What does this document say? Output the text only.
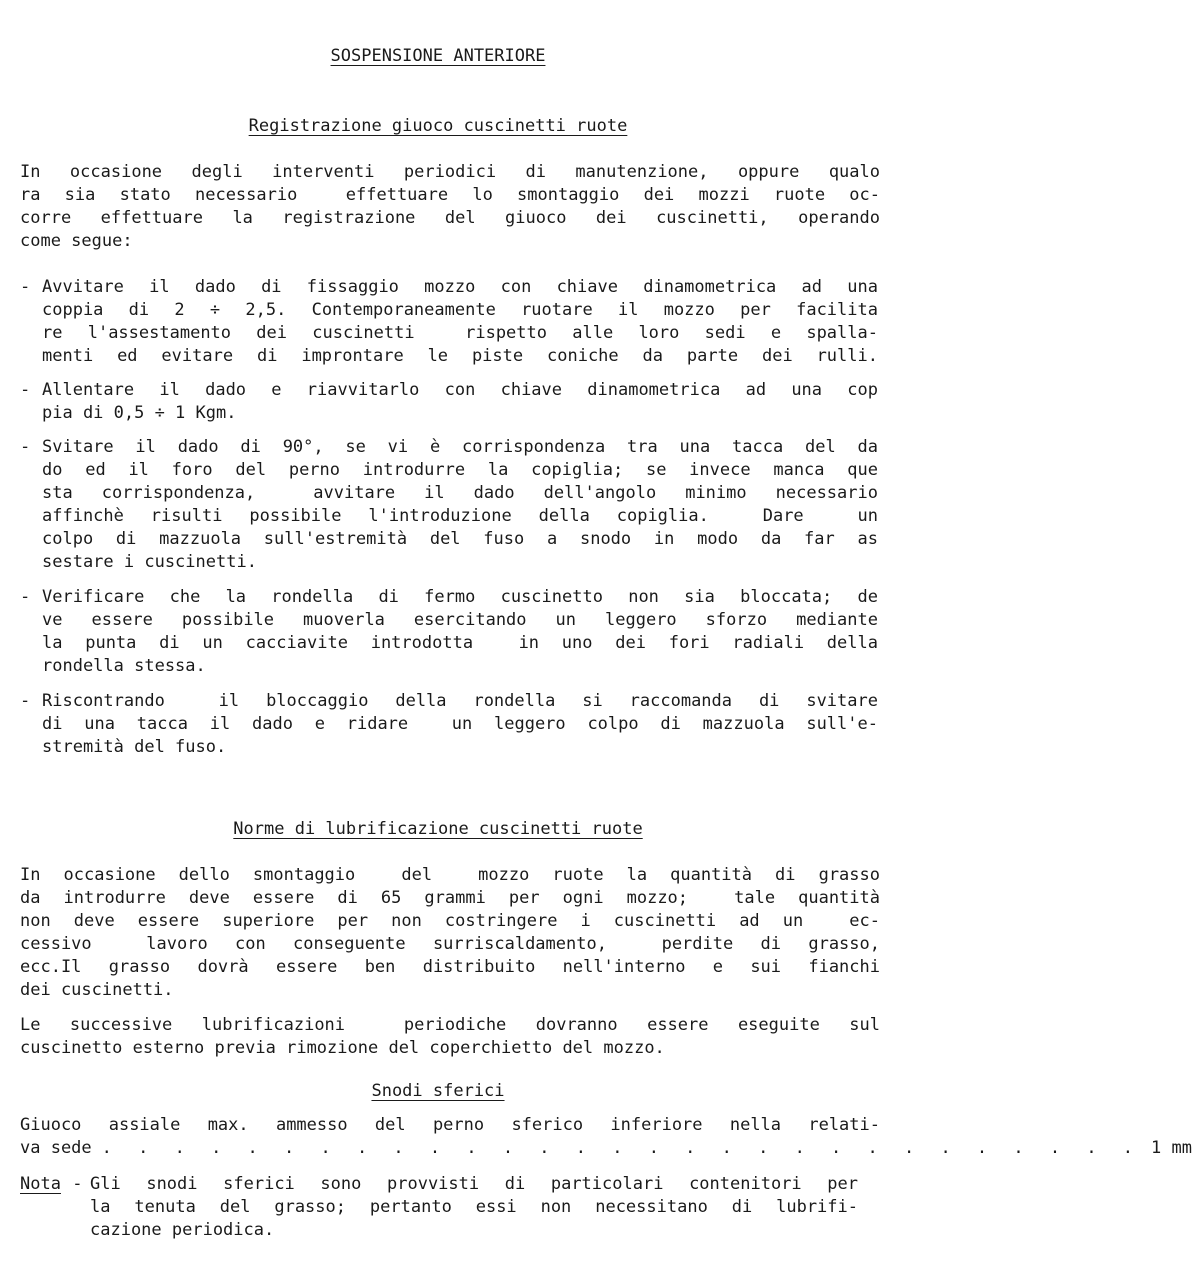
SOSPENSIONE ANTERIORE
Registrazione giuoco cuscinetti ruote
In occasione degli interventi periodici di manutenzione, oppure qualo
ra sia stato necessario  effettuare lo smontaggio dei mozzi ruote oc-
corre effettuare la registrazione del giuoco dei cuscinetti, operando
come segue:
- Avvitare il dado di fissaggio mozzo con chiave dinamometrica ad una
coppia di 2 ÷ 2,5. Contemporaneamente ruotare il mozzo per facilita
re l'assestamento dei cuscinetti  rispetto alle loro sedi e spalla-
menti ed evitare di improntare le piste coniche da parte dei rulli.
- Allentare il dado e riavvitarlo con chiave dinamometrica ad una cop
pia di 0,5 ÷ 1 Kgm.
- Svitare il dado di 90°, se vi è corrispondenza tra una tacca del da
do ed il foro del perno introdurre la copiglia; se invece manca que
sta corrispondenza,  avvitare il dado dell'angolo minimo necessario
affinchè risulti possibile l'introduzione della copiglia.  Dare  un
colpo di mazzuola sull'estremità del fuso a snodo in modo da far as
sestare i cuscinetti.
- Verificare che la rondella di fermo cuscinetto non sia bloccata; de
ve essere possibile muoverla esercitando un leggero sforzo mediante
la punta di un cacciavite introdotta  in uno dei fori radiali della
rondella stessa.
- Riscontrando  il bloccaggio della rondella si raccomanda di svitare
di una tacca il dado e ridare  un leggero colpo di mazzuola sull'e-
stremità del fuso.
Norme di lubrificazione cuscinetti ruote
In occasione dello smontaggio  del  mozzo ruote la quantità di grasso
da introdurre deve essere di 65 grammi per ogni mozzo;  tale quantità
non deve essere superiore per non costringere i cuscinetti ad un  ec-
cessivo  lavoro con conseguente surriscaldamento,  perdite di grasso,
ecc.Il grasso dovrà essere ben distribuito nell'interno e sui fianchi
dei cuscinetti.
Le successive lubrificazioni  periodiche dovranno essere eseguite sul
cuscinetto esterno previa rimozione del coperchietto del mozzo.
Snodi sferici
Giuoco assiale max. ammesso del perno sferico inferiore nella relati-
va sede . . . . . . . . . . . . . . . . . . . . . . . . . . . . . 1 mm
Nota -
Gli snodi sferici sono provvisti di particolari contenitori per
la tenuta del grasso; pertanto essi non necessitano di lubrifi-
cazione periodica.
